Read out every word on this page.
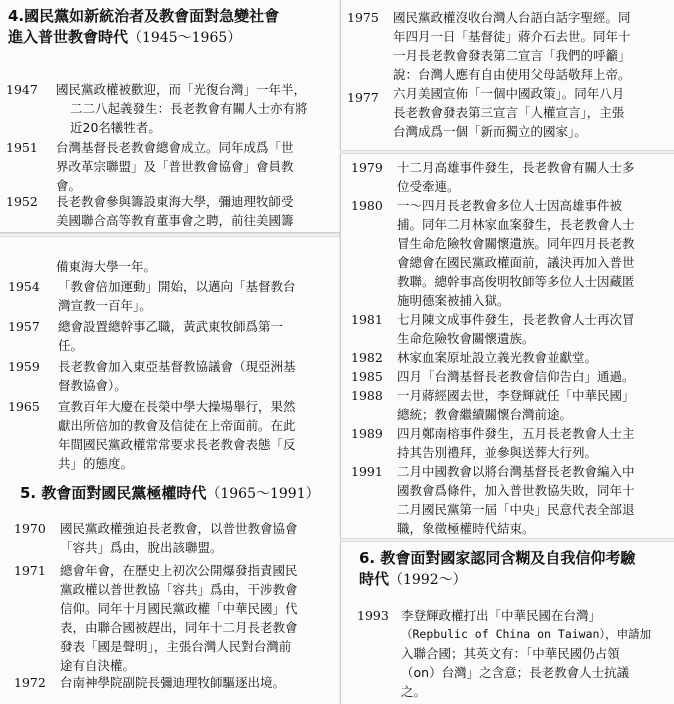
4.國民黨如新統治者及教會面對急變社會
進入普世教會時代（1945～1965）
1947 國民黨政權被歡迎，而「光復台灣」一年半，
二二八起義發生：長老教會有關人士亦有將
近20名犧牲者。
1951 台灣基督長老教會總會成立。同年成爲「世
界改革宗聯盟」及「普世教會協會」會員教
會。
1952 長老教會參與籌設東海大學，彌迪理牧師受
美國聯合高等教育董事會之聘，前往美國籌
備東海大學一年。
1954 「教會倍加運動」開始，以邁向「基督教台
灣宣教一百年」。
1957 總會設置總幹事乙職，黃武東牧師爲第一
任。
1959 長老教會加入東亞基督教協議會（現亞洲基
督教協會）。
1965 宣教百年大慶在長榮中學大操場舉行，果然
獻出所倍加的教會及信徒在上帝面前。在此
年間國民黨政權常常要求長老教會表態「反
共」的態度。
5. 教會面對國民黨極權時代（1965～1991）
1970 國民黨政權強迫長老教會，以普世教會協會
「容共」爲由，脫出該聯盟。
1971 總會年會，在歷史上初次公開爆發指責國民
黨政權以普世教協「容共」爲由，干涉教會
信仰。同年十月國民黨政權「中華民國」代
表，由聯合國被趕出，同年十二月長老教會
發表「國是聲明」，主張台灣人民對台灣前
途有自決權。
1972 台南神學院副院長彌迪理牧師驅逐出境。
1975 國民黨政權沒收台灣人台語白話字聖經。同
年四月一日「基督徒」蔣介石去世。同年十
一月長老教會發表第二宣言「我們的呼籲」
說：台灣人應有自由使用父母話敬拜上帝。
1977 六月美國宣佈「一個中國政策」。同年八月
長老教會發表第三宣言「人權宣言」，主張
台灣成爲一個「新而獨立的國家」。
1979 十二月高雄事件發生，長老教會有關人士多
位受牽連。
1980 一～四月長老教會多位人士因高雄事件被
捕。同年二月林家血案發生，長老教會人士
冒生命危險牧會關懷遺族。同年四月長老教
會總會在國民黨政權面前，議決再加入普世
教聯。總幹事高俊明牧師等多位人士因藏匿
施明德案被捕入獄。
1981 七月陳文成事件發生，長老教會人士再次冒
生命危險牧會關懷遺族。
1982 林家血案原址設立義光教會並獻堂。
1985 四月「台灣基督長老教會信仰告白」通過。
1988 一月蔣經國去世，李登輝就任「中華民國」
總統；教會繼續關懷台灣前途。
1989 四月鄭南榕事件發生，五月長老教會人士主
持其告別禮拜，並參與送葬大行列。
1991 二月中國教會以將台灣基督長老教會編入中
國教會爲條件，加入普世教協失敗，同年十
二月國民黨第一屆「中央」民意代表全部退
職，象徵極權時代結束。
6. 教會面對國家認同含糊及自我信仰考驗
時代（1992～）
1993 李登輝政權打出「中華民國在台灣」
（Repbulic of China on Taiwan），申請加
入聯合國；其英文有：「中華民國仍占領
（on）台灣」之含意；長老教會人士抗議
之。
